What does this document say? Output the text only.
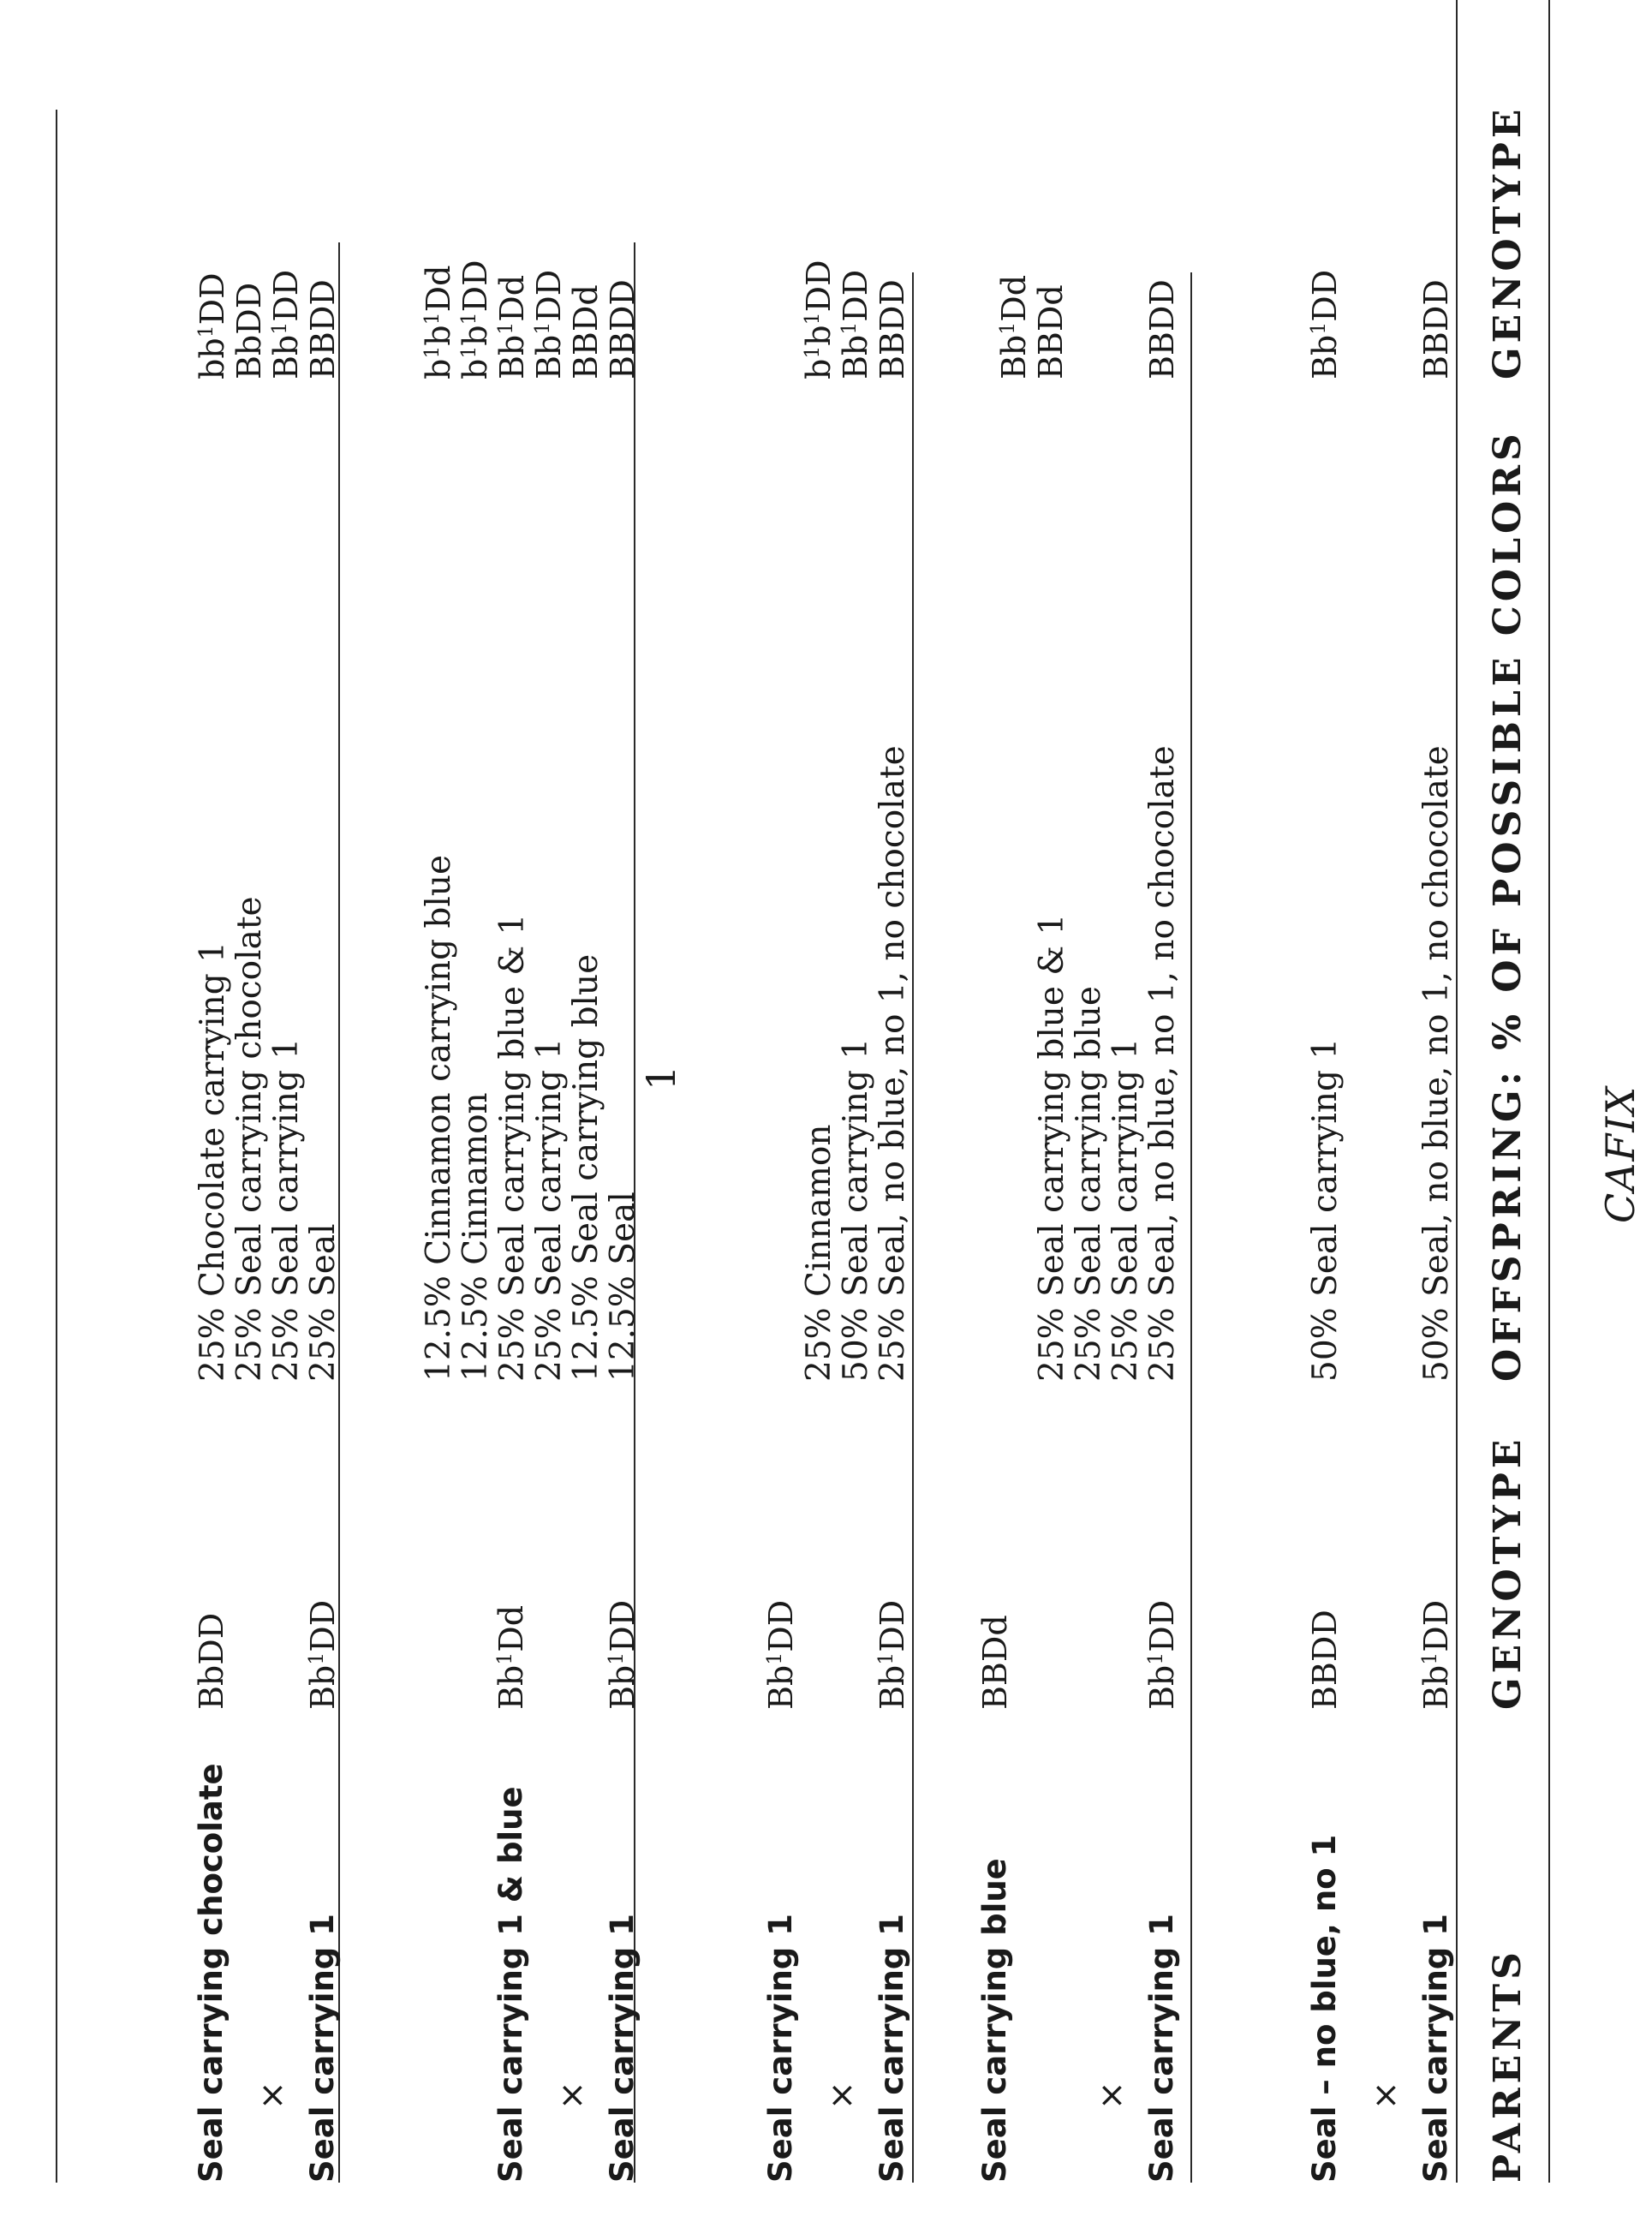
CAFIX
PARENTS
GENOTYPE
OFFSPRING: % OF POSSIBLE COLORS
GENOTYPE
Seal carrying 1
×
Seal – no blue, no 1
Bb$^1$DD
BBDD
50% Seal, no blue, no 1, no chocolate
50% Seal carrying 1
BBDD
Bb$^1$DD
Seal carrying 1
×
Seal carrying blue
Bb$^1$DD
BBDd
25% Seal, no blue, no 1, no chocolate
25% Seal carrying 1
25% Seal carrying blue
25% Seal carrying blue & 1
BBDD
BBDd
Bb$^1$Dd
Seal carrying 1
×
Seal carrying 1
Bb$^1$DD
Bb$^1$DD
25% Seal, no blue, no 1, no chocolate
50% Seal carrying 1
25% Cinnamon
BBDD
Bb$^1$DD
$b^1b^1DD$
Seal carrying 1
×
Seal carrying 1 & blue
Bb$^1$DD
Bb$^1$Dd
12.5% Seal
12.5% Seal carrying blue
25% Seal carrying 1
25% Seal carrying blue & 1
12.5% Cinnamon
12.5% Cinnamon carrying blue
BBDD
BBDd
Bb$^1$DD
Bb$^1$Dd
$b^1b^1DD$
$b^1b^1Dd$
Seal carrying 1
×
Seal carrying chocolate
Bb$^1$DD
BbDD
25% Seal
25% Seal carrying 1
25% Seal carrying chocolate
25% Chocolate carrying 1
BBDD
Bb$^1$DD
BbDD
$bb^1DD$
1
